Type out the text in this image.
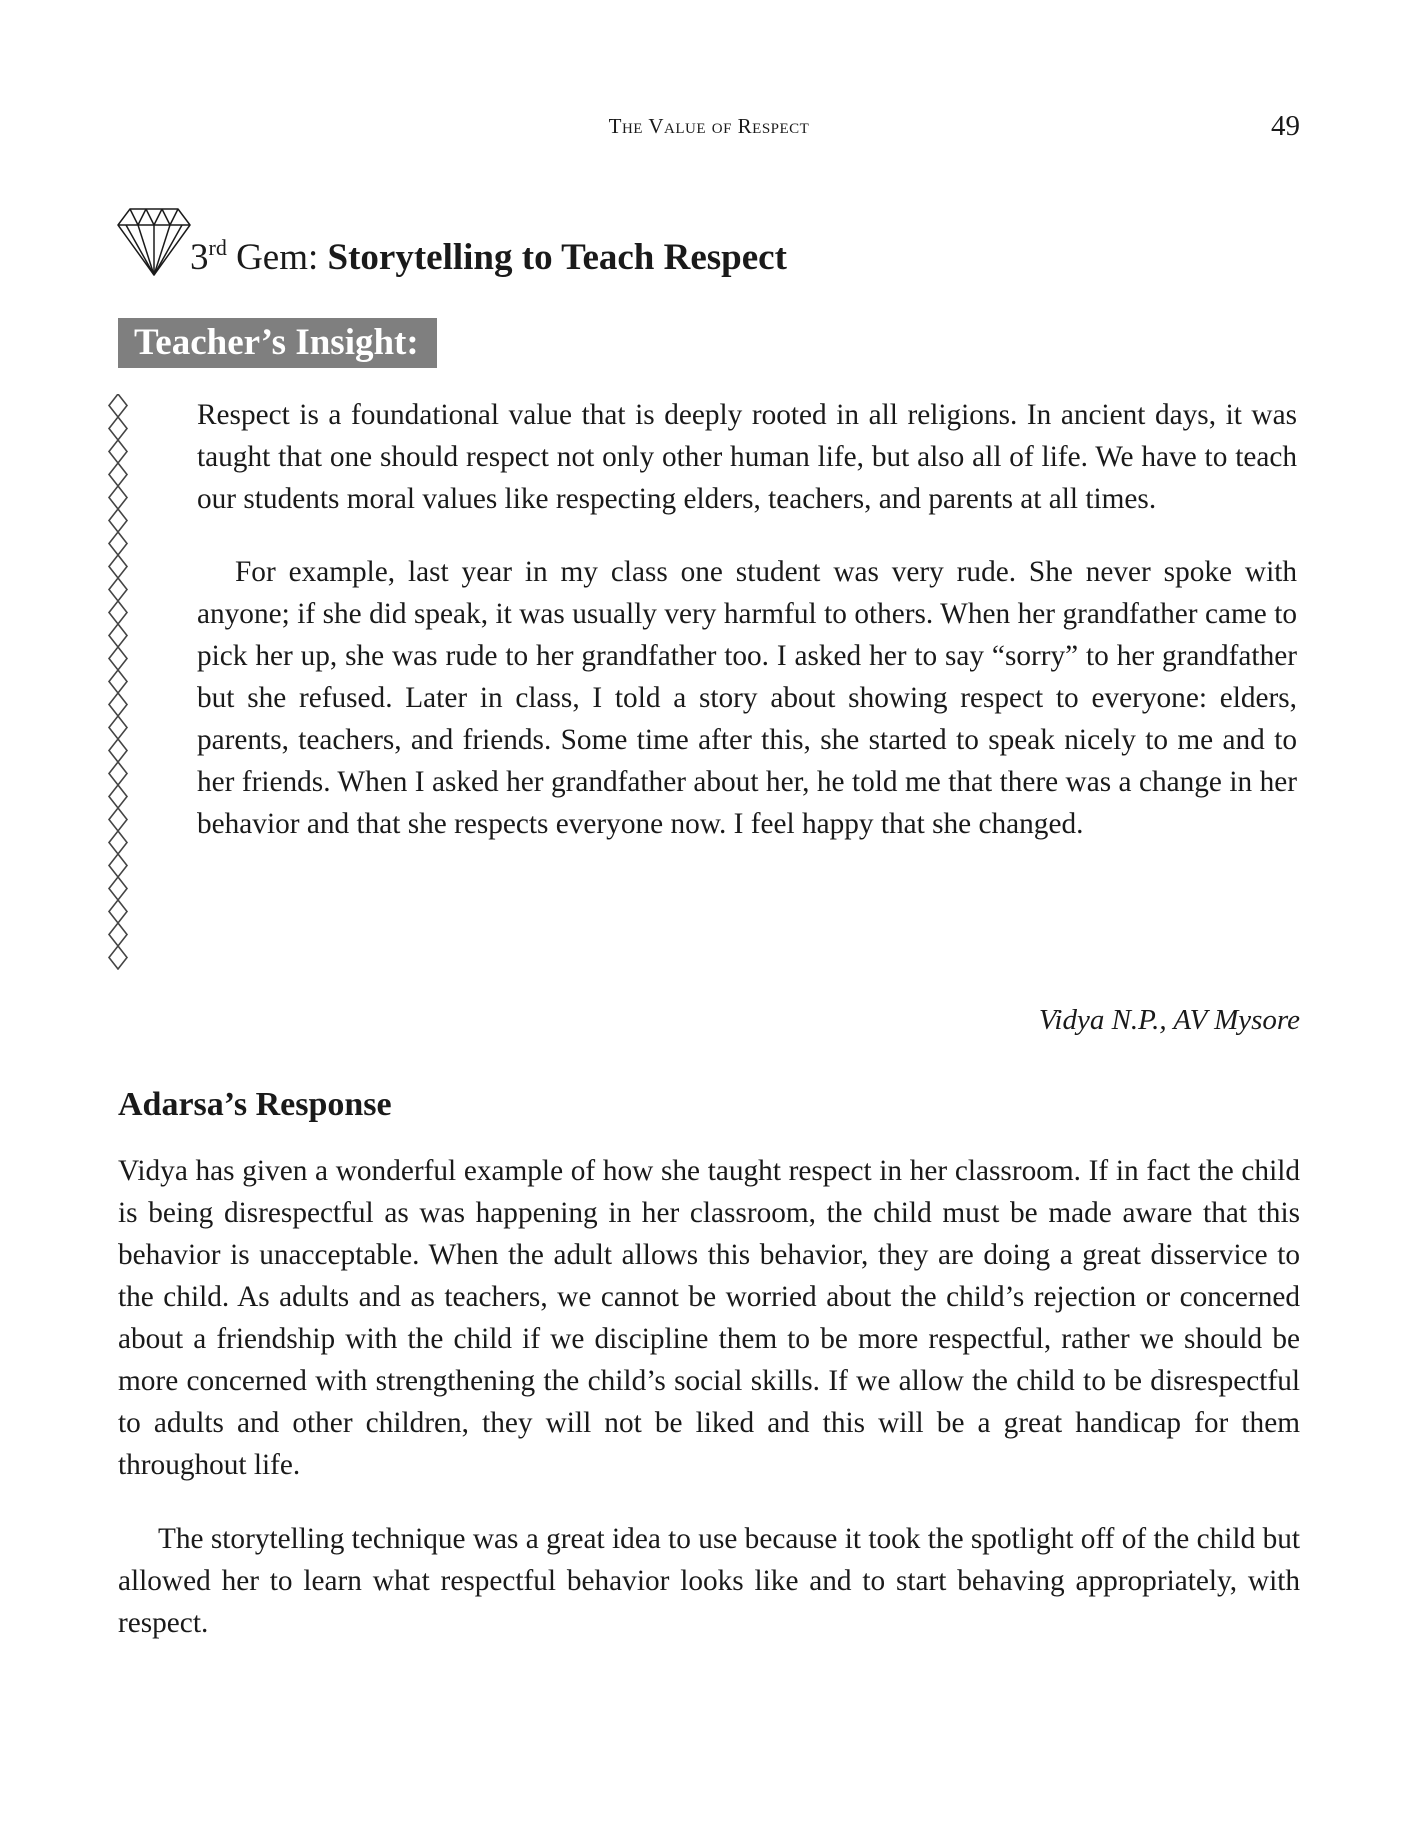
The Value of Respect	49
3rd Gem: Storytelling to Teach Respect
Teacher’s Insight:

Respect is a foundational value that is deeply rooted in all religions. In ancient days, it was taught that one should respect not only other human life, but also all of life. We have to teach our students moral values like respecting elders, teachers, and parents at all times.

For example, last year in my class one student was very rude. She never spoke with anyone; if she did speak, it was usually very harmful to others. When her grandfather came to pick her up, she was rude to her grandfather too. I asked her to say “sorry” to her grandfather but she refused. Later in class, I told a story about showing respect to everyone: elders, parents, teachers, and friends. Some time after this, she started to speak nicely to me and to her friends. When I asked her grandfather about her, he told me that there was a change in her behavior and that she respects everyone now. I feel happy that she changed.

Vidya N.P., AV Mysore
Adarsa’s Response

Vidya has given a wonderful example of how she taught respect in her classroom. If in fact the child is being disrespectful as was happening in her classroom, the child must be made aware that this behavior is unacceptable. When the adult allows this behavior, they are doing a great disservice to the child. As adults and as teachers, we cannot be worried about the child’s rejection or concerned about a friendship with the child if we discipline them to be more respectful, rather we should be more concerned with strengthening the child’s social skills. If we allow the child to be disrespectful to adults and other children, they will not be liked and this will be a great handicap for them throughout life.

The storytelling technique was a great idea to use because it took the spotlight off of the child but allowed her to learn what respectful behavior looks like and to start behaving appropriately, with respect.
